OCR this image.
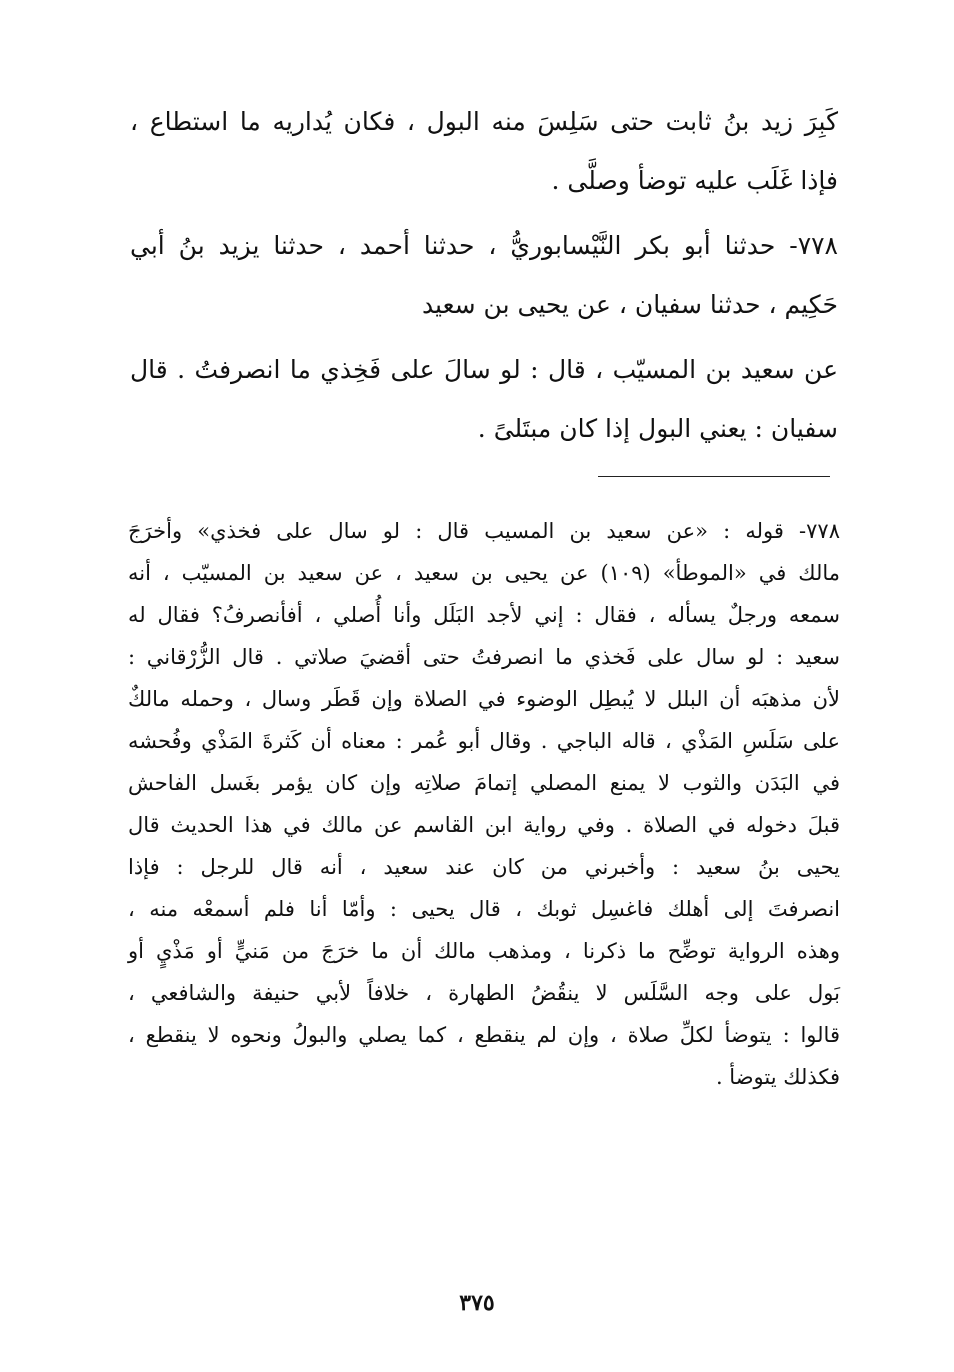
كَبِرَ زيد بنُ ثابت حتى سَلِسَ منه البول ، فكان يُداريه ما استطاع ،
فإذا غَلَب عليه توضأ وصلَّى .
٧٧٨- حدثنا أبو بكر النَّيْسابوريُّ ، حدثنا أحمد ، حدثنا يزيد بنُ أبي
حَكِيم ، حدثنا سفيان ، عن يحيى بن سعيد
عن سعيد بن المسيّب ، قال : لو سالَ على فَخِذي ما انصرفتُ . قال
سفيان : يعني البول إذا كان مبتَلىً .
٧٧٨- قوله : «عن سعيد بن المسيب قال : لو سال على فخذي» وأخرَجَ
مالك في «الموطأ» (١٠٩) عن يحيى بن سعيد ، عن سعيد بن المسيّب ، أنه
سمعه ورجلٌ يسأله ، فقال : إني لأجد البَلَل وأنا أُصلي ، أفأنصرفُ؟ فقال له
سعيد : لو سال على فَخذي ما انصرفتُ حتى أقضيَ صلاتي . قال الزُّرْقاني :
لأن مذهبَه أن البلل لا يُبطِل الوضوء في الصلاة وإن قَطَر وسال ، وحمله مالكٌ
على سَلَسِ المَذْي ، قاله الباجي . وقال أبو عُمر : معناه أن كَثرةَ المَذْي وفُحشه
في البَدَن والثوب لا يمنع المصلي إتمامَ صلاتِه وإن كان يؤمر بغَسل الفاحش
قبلَ دخوله في الصلاة . وفي رواية ابن القاسم عن مالك في هذا الحديث قال
يحيى بنُ سعيد : وأخبرني من كان عند سعيد ، أنه قال للرجل : فإذا
انصرفتَ إلى أهلك فاغسِل ثوبك ، قال يحيى : وأمّا أنا فلم أسمعْه منه ،
وهذه الرواية توضِّح ما ذكرنا ، ومذهب مالك أن ما خرَجَ من مَنيٍّ أو مَذْيٍ أو
بَول على وجه السَّلَس لا ينقُضُ الطهارة ، خلافاً لأبي حنيفة والشافعي ،
قالوا : يتوضأ لكلِّ صلاة ، وإن لم ينقطع ، كما يصلي والبولُ ونحوه لا ينقطع ،
فكذلك يتوضأ .
٣٧٥
